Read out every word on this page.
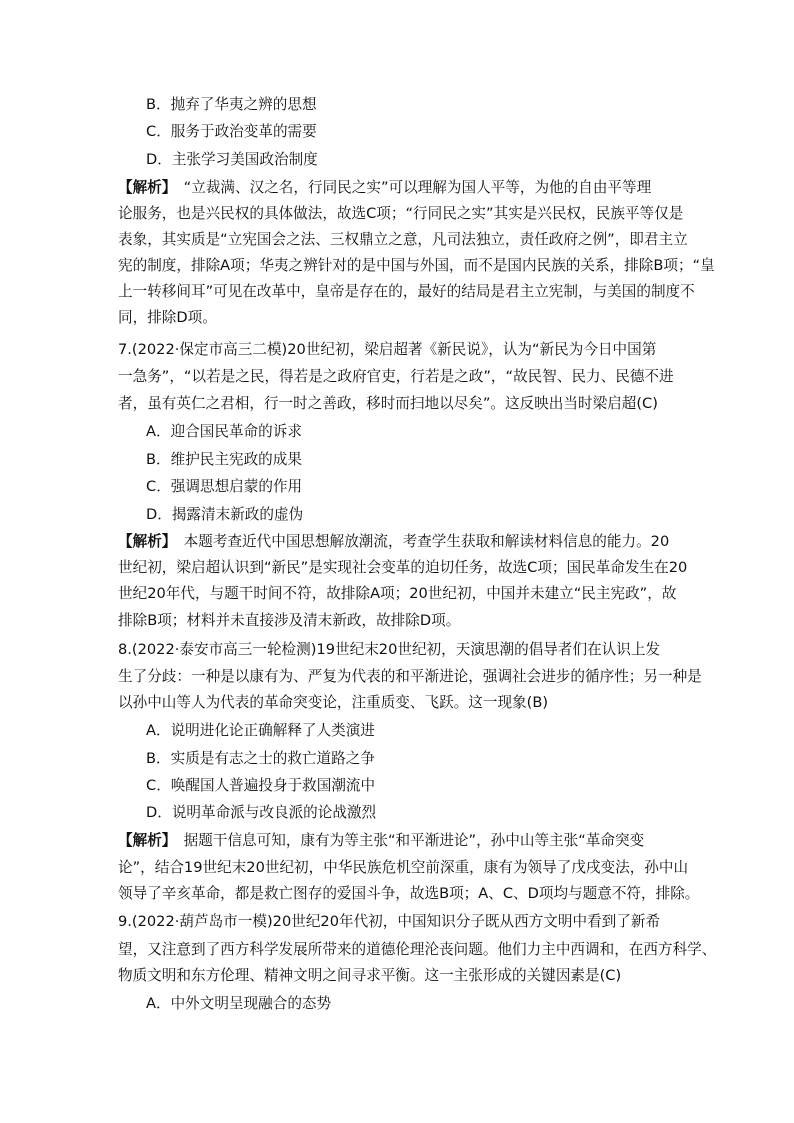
B．抛弃了华夷之辨的思想
C．服务于政治变革的需要
D．主张学习美国政治制度
【解析】　“立裁满、汉之名，行同民之实”可以理解为国人平等，为他的自由平等理
论服务，也是兴民权的具体做法，故选C项；“行同民之实”其实是兴民权，民族平等仅是
表象，其实质是“立宪国会之法、三权鼎立之意，凡司法独立，责任政府之例”，即君主立
宪的制度，排除A项；华夷之辨针对的是中国与外国，而不是国内民族的关系，排除B项；“皇
上一转移间耳”可见在改革中，皇帝是存在的，最好的结局是君主立宪制，与美国的制度不
同，排除D项。
7.(2022·保定市高三二模)20世纪初，梁启超著《新民说》，认为“新民为今日中国第
一急务”，“以若是之民，得若是之政府官吏，行若是之政”，“故民智、民力、民德不进
者，虽有英仁之君相，行一时之善政，移时而扫地以尽矣”。这反映出当时梁启超(C)
A．迎合国民革命的诉求
B．维护民主宪政的成果
C．强调思想启蒙的作用
D．揭露清末新政的虚伪
【解析】　本题考查近代中国思想解放潮流，考查学生获取和解读材料信息的能力。20
世纪初，梁启超认识到“新民”是实现社会变革的迫切任务，故选C项；国民革命发生在20
世纪20年代，与题干时间不符，故排除A项；20世纪初，中国并未建立“民主宪政”，故
排除B项；材料并未直接涉及清末新政，故排除D项。
8.(2022·泰安市高三一轮检测)19世纪末20世纪初，天演思潮的倡导者们在认识上发
生了分歧：一种是以康有为、严复为代表的和平渐进论，强调社会进步的循序性；另一种是
以孙中山等人为代表的革命突变论，注重质变、飞跃。这一现象(B)
A．说明进化论正确解释了人类演进
B．实质是有志之士的救亡道路之争
C．唤醒国人普遍投身于救国潮流中
D．说明革命派与改良派的论战激烈
【解析】　据题干信息可知，康有为等主张“和平渐进论”，孙中山等主张“革命突变
论”，结合19世纪末20世纪初，中华民族危机空前深重，康有为领导了戊戌变法，孙中山
领导了辛亥革命，都是救亡图存的爱国斗争，故选B项；A、C、D项均与题意不符，排除。
9.(2022·葫芦岛市一模)20世纪20年代初，中国知识分子既从西方文明中看到了新希
望，又注意到了西方科学发展所带来的道德伦理沦丧问题。他们力主中西调和，在西方科学、
物质文明和东方伦理、精神文明之间寻求平衡。这一主张形成的关键因素是(C)
A．中外文明呈现融合的态势
